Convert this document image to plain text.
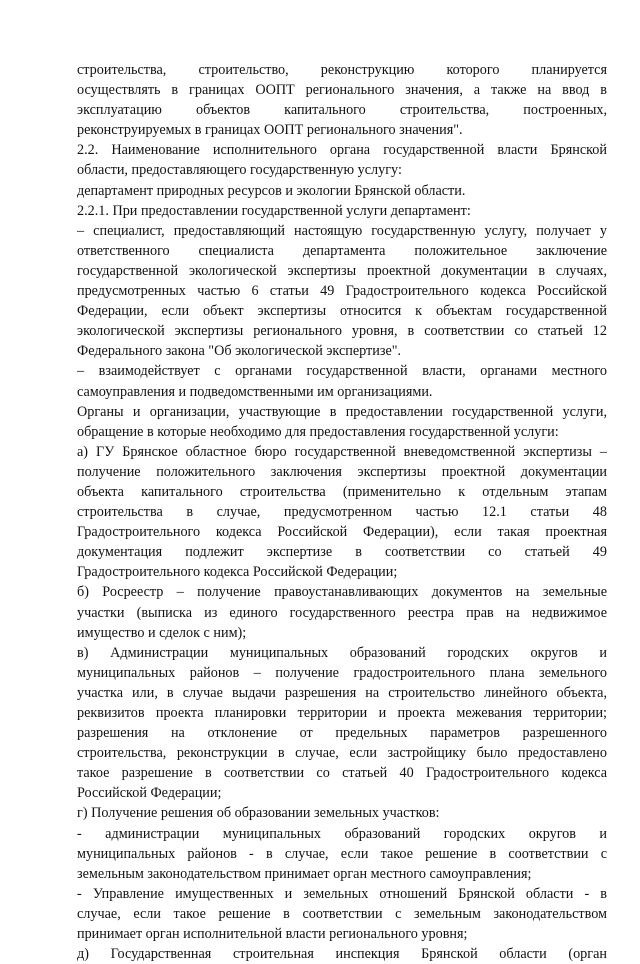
строительства, строительство, реконструкцию которого планируется
осуществлять в границах ООПТ регионального значения, а также на ввод в
эксплуатацию объектов капитального строительства, построенных,
реконструируемых в границах ООПТ регионального значения".
2.2. Наименование исполнительного органа государственной власти Брянской
области, предоставляющего государственную услугу:
департамент природных ресурсов и экологии Брянской области.
2.2.1. При предоставлении государственной услуги департамент:
– специалист, предоставляющий настоящую государственную услугу, получает у
ответственного специалиста департамента положительное заключение
государственной экологической экспертизы проектной документации в случаях,
предусмотренных частью 6 статьи 49 Градостроительного кодекса Российской
Федерации, если объект экспертизы относится к объектам государственной
экологической экспертизы регионального уровня, в соответствии со статьей 12
Федерального закона "Об экологической экспертизе".
– взаимодействует с органами государственной власти, органами местного
самоуправления и подведомственными им организациями.
Органы и организации, участвующие в предоставлении государственной услуги,
обращение в которые необходимо для предоставления государственной услуги:
а) ГУ Брянское областное бюро государственной вневедомственной экспертизы –
получение положительного заключения экспертизы проектной документации
объекта капитального строительства (применительно к отдельным этапам
строительства в случае, предусмотренном частью 12.1 статьи 48
Градостроительного кодекса Российской Федерации), если такая проектная
документация подлежит экспертизе в соответствии со статьей 49
Градостроительного кодекса Российской Федерации;
б) Росреестр – получение правоустанавливающих документов на земельные
участки (выписка из единого государственного реестра прав на недвижимое
имущество и сделок с ним);
в) Администрации муниципальных образований городских округов и
муниципальных районов – получение градостроительного плана земельного
участка или, в случае выдачи разрешения на строительство линейного объекта,
реквизитов проекта планировки территории и проекта межевания территории;
разрешения на отклонение от предельных параметров разрешенного
строительства, реконструкции в случае, если застройщику было предоставлено
такое разрешение в соответствии со статьей 40 Градостроительного кодекса
Российской Федерации;
г) Получение решения об образовании земельных участков:
- администрации муниципальных образований городских округов и
муниципальных районов - в случае, если такое решение в соответствии с
земельным законодательством принимает орган местного самоуправления;
- Управление имущественных и земельных отношений Брянской области - в
случае, если такое решение в соответствии с земельным законодательством
принимает орган исполнительной власти регионального уровня;
д) Государственная строительная инспекция Брянской области (орган
